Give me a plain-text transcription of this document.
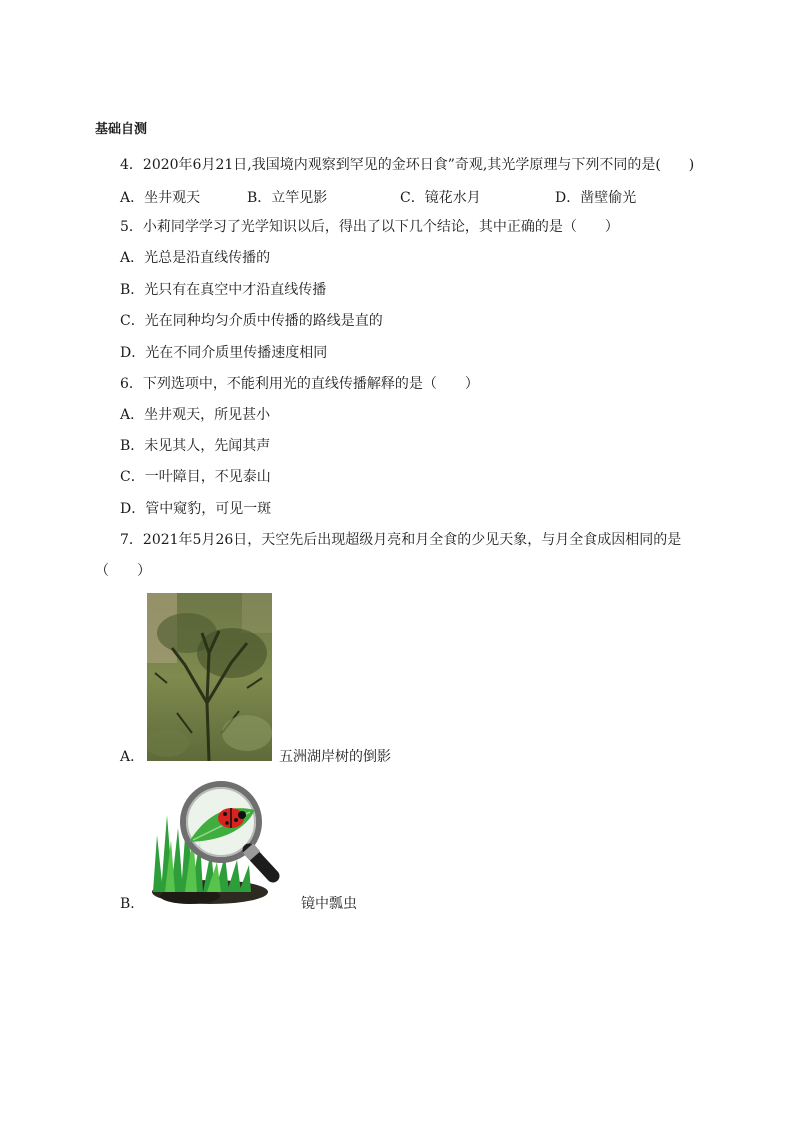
基础自测
4．2020年6月21日,我国境内观察到罕见的金环日食”奇观,其光学原理与下列不同的是(　　)
A．坐井观天	B．立竿见影	C．镜花水月	D．凿壁偷光
5．小莉同学学习了光学知识以后，得出了以下几个结论，其中正确的是（　　）
A．光总是沿直线传播的
B．光只有在真空中才沿直线传播
C．光在同种均匀介质中传播的路线是直的
D．光在不同介质里传播速度相同
6．下列选项中，不能利用光的直线传播解释的是（　　）
A．坐井观天，所见甚小
B．未见其人，先闻其声
C．一叶障目，不见泰山
D．管中窥豹，可见一斑
7．2021年5月26日，天空先后出现超级月亮和月全食的少见天象，与月全食成因相同的是
（　　）
A．	五洲湖岸树的倒影
B．	镜中瓢虫
